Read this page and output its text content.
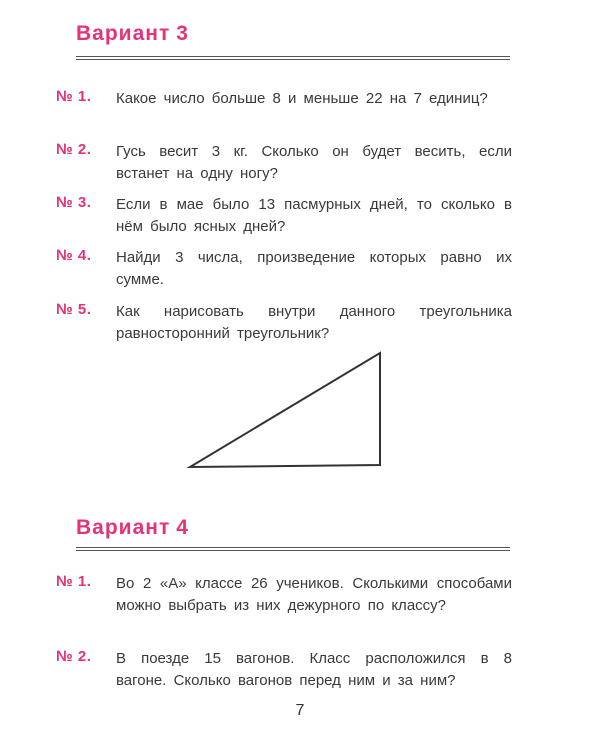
Вариант 3
№ 1. Какое число больше 8 и меньше 22 на 7 единиц?

№ 2. Гусь весит 3 кг. Сколько он будет весить, если встанет на одну ногу?

№ 3. Если в мае было 13 пасмурных дней, то сколько в нём было ясных дней?

№ 4. Найди 3 числа, произведение которых равно их сумме.

№ 5. Как нарисовать внутри данного треугольника равносторонний треугольник?

Вариант 4
№ 1. Во 2 «А» классе 26 учеников. Сколькими способами можно выбрать из них дежурного по классу?

№ 2. В поезде 15 вагонов. Класс расположился в 8 вагоне. Сколько вагонов перед ним и за ним?

7
